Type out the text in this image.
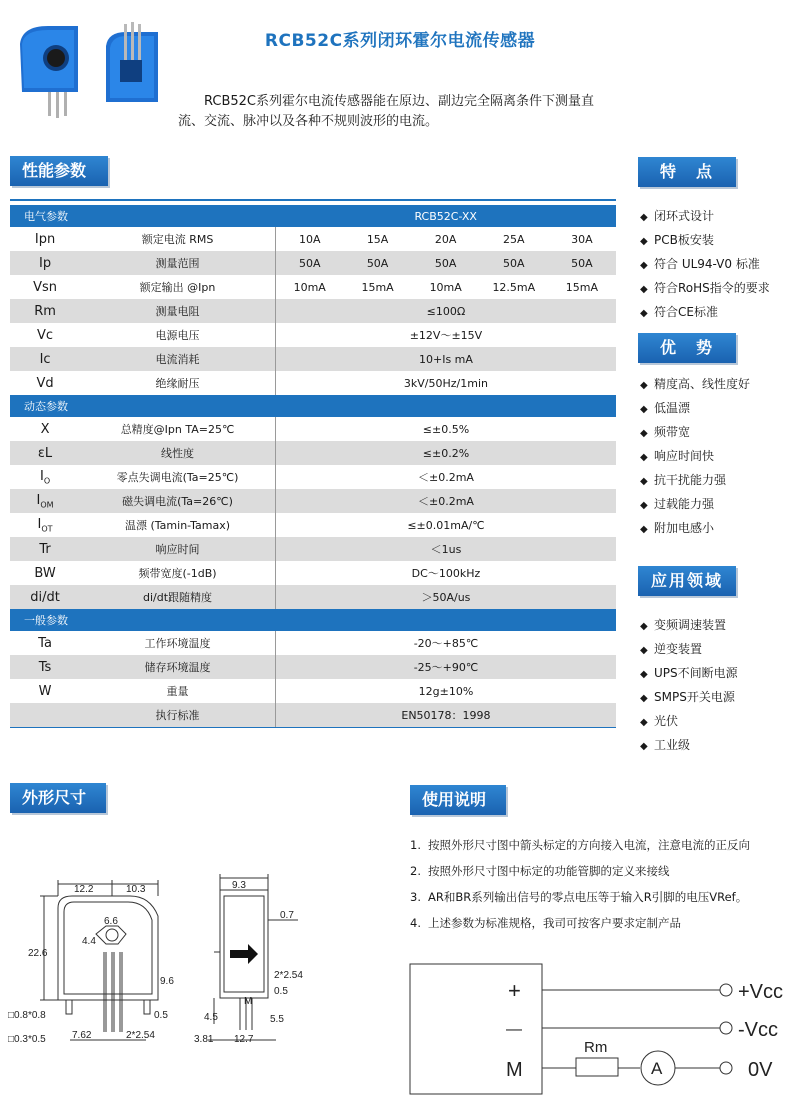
RCB52C系列闭环霍尔电流传感器
RCB52C系列霍尔电流传感器能在原边、副边完全隔离条件下测量直流、交流、脉冲以及各种不规则波形的电流。
性能参数	特　点
优　势
应用领域
外形尺寸	使用说明
电气参数		RCB52C-XX				
Ipn	额定电流 RMS	10A	15A	20A	25A	30A
Ip	测量范围	50A	50A	50A	50A	50A
Vsn	额定输出 @Ipn	10mA	15mA	10mA	12.5mA	15mA
Rm	测量电阻	≤100Ω				
Vc	电源电压	±12V～±15V				
Ic	电流消耗	10+Is mA				
Vd	绝缘耐压	3kV/50Hz/1min				
动态参数						
X	总精度@Ipn TA=25℃	≤±0.5%				
εL	线性度	≤±0.2%				
$I_O$	零点失调电流(Ta=25℃)	＜±0.2mA				
$I_{OM}$	磁失调电流(Ta=26℃)	＜±0.2mA				
$I_{OT}$	温漂 (Tamin-Tamax)	≤±0.01mA/℃				
Tr	响应时间	＜1us				
BW	频带宽度(-1dB)	DC～100kHz				
di/dt	di/dt跟随精度	＞50A/us				
一般参数						
Ta	工作环境温度	-20～+85℃				
Ts	储存环境温度	-25～+90℃				
W	重量	12g±10%				
	执行标准	EN50178：1998				
◆ 闭环式设计
◆ PCB板安装
◆ 符合 UL94-V0 标准
◆ 符合RoHS指令的要求
◆ 符合CE标准
◆ 精度高、线性度好
◆ 低温漂
◆ 频带宽
◆ 响应时间快
◆ 抗干扰能力强
◆ 过载能力强
◆ 附加电感小
◆ 变频调速装置
◆ 逆变装置
◆ UPS不间断电源
◆ SMPS开关电源
◆ 光伏
◆ 工业级
1. 按照外形尺寸图中箭头标定的方向接入电流，注意电流的正反向
2. 按照外形尺寸图中标定的功能管脚的定义来接线
3. AR和BR系列输出信号的零点电压等于输入R引脚的电压VRef。
4. 上述参数为标准规格，我司可按客户要求定制产品
12.2	10.3
6.6
4.4
22.6
9.6
□0.8*0.8
□0.3*0.5
0.5
7.62	2*2.54
9.3
0.7
2*2.54
0.5
5.5
4.5
3.81 12.7
M	+
—
M
Rm
A
+Vcc
-Vcc
0V
